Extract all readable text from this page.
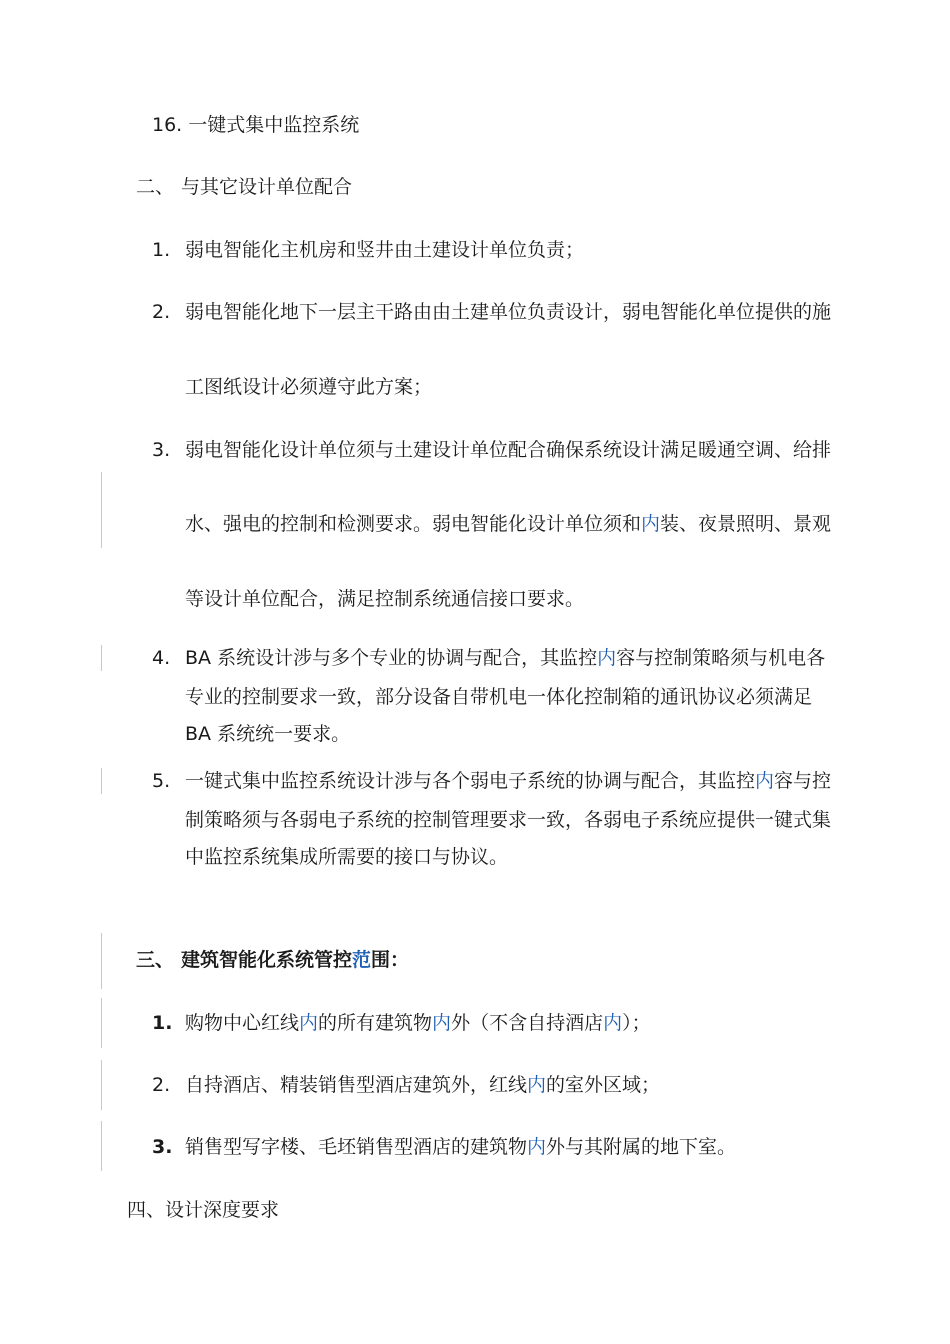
16. 一键式集中监控系统
二、 与其它设计单位配合
1. 弱电智能化主机房和竖井由土建设计单位负责；
2. 弱电智能化地下一层主干路由由土建单位负责设计，弱电智能化单位提供的施
工图纸设计必须遵守此方案；
3. 弱电智能化设计单位须与土建设计单位配合确保系统设计满足暖通空调、给排
水、强电的控制和检测要求。弱电智能化设计单位须和内装、夜景照明、景观
等设计单位配合，满足控制系统通信接口要求。
4. BA 系统设计涉与多个专业的协调与配合，其监控内容与控制策略须与机电各
专业的控制要求一致，部分设备自带机电一体化控制箱的通讯协议必须满足
BA 系统统一要求。
5. 一键式集中监控系统设计涉与各个弱电子系统的协调与配合，其监控内容与控
制策略须与各弱电子系统的控制管理要求一致，各弱电子系统应提供一键式集
中监控系统集成所需要的接口与协议。
三、 建筑智能化系统管控范围：
1. 购物中心红线内的所有建筑物内外（不含自持酒店内）；
2. 自持酒店、精装销售型酒店建筑外，红线内的室外区域；
3. 销售型写字楼、毛坯销售型酒店的建筑物内外与其附属的地下室。
四、设计深度要求
